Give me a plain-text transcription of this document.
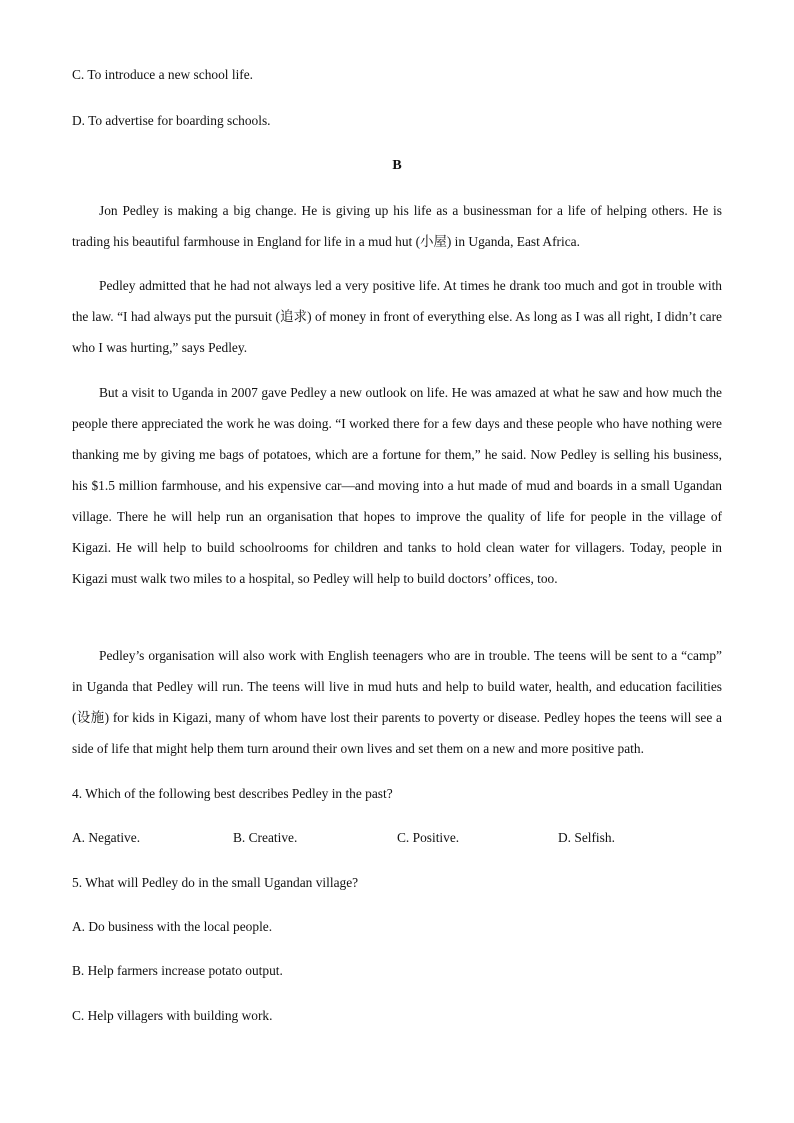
C. To introduce a new school life.
D. To advertise for boarding schools.
B

Jon Pedley is making a big change. He is giving up his life as a businessman for a life of helping others. He is trading his beautiful farmhouse in England for life in a mud hut (小屋) in Uganda, East Africa.

Pedley admitted that he had not always led a very positive life. At times he drank too much and got in trouble with the law. “I had always put the pursuit (追求) of money in front of everything else. As long as I was all right, I didn’t care who I was hurting,” says Pedley.

But a visit to Uganda in 2007 gave Pedley a new outlook on life. He was amazed at what he saw and how much the people there appreciated the work he was doing. “I worked there for a few days and these people who have nothing were thanking me by giving me bags of potatoes, which are a fortune for them,” he said. Now Pedley is selling his business, his $1.5 million farmhouse, and his expensive car—and moving into a hut made of mud and boards in a small Ugandan village. There he will help run an organisation that hopes to improve the quality of life for people in the village of Kigazi. He will help to build schoolrooms for children and tanks to hold clean water for villagers. Today, people in Kigazi must walk two miles to a hospital, so Pedley will help to build doctors’ offices, too.

Pedley’s organisation will also work with English teenagers who are in trouble. The teens will be sent to a “camp” in Uganda that Pedley will run. The teens will live in mud huts and help to build water, health, and education facilities (设施) for kids in Kigazi, many of whom have lost their parents to poverty or disease. Pedley hopes the teens will see a side of life that might help them turn around their own lives and set them on a new and more positive path.

4. Which of the following best describes Pedley in the past?
A. Negative.	B. Creative.	C. Positive.	D. Selfish.
5. What will Pedley do in the small Ugandan village?
A. Do business with the local people.
B. Help farmers increase potato output.
C. Help villagers with building work.
